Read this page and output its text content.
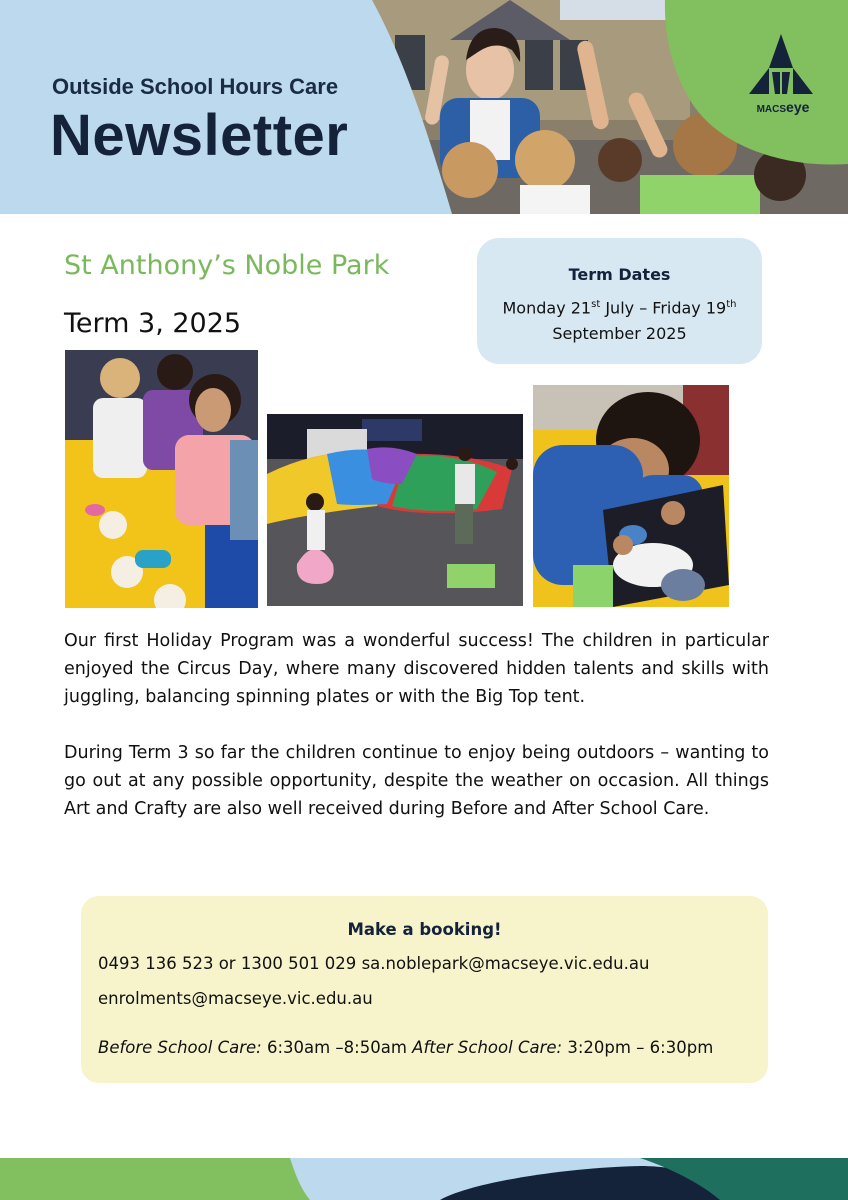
Outside School Hours Care

Newsletter	MACSeye
St Anthony’s Noble Park
Term 3, 2025

Term Dates

Monday 21st July – Friday 19th

September 2025

Our first Holiday Program was a wonderful success! The children in particular enjoyed the Circus Day, where many discovered hidden talents and skills with juggling, balancing spinning plates or with the Big Top tent.

During Term 3 so far the children continue to enjoy being outdoors – wanting to go out at any possible opportunity, despite the weather on occasion. All things Art and Crafty are also well received during Before and After School Care.

Make a booking!

0493 136 523 or 1300 501 029 sa.noblepark@macseye.vic.edu.au

enrolments@macseye.vic.edu.au

Before School Care: 6:30am –8:50am After School Care: 3:20pm – 6:30pm
